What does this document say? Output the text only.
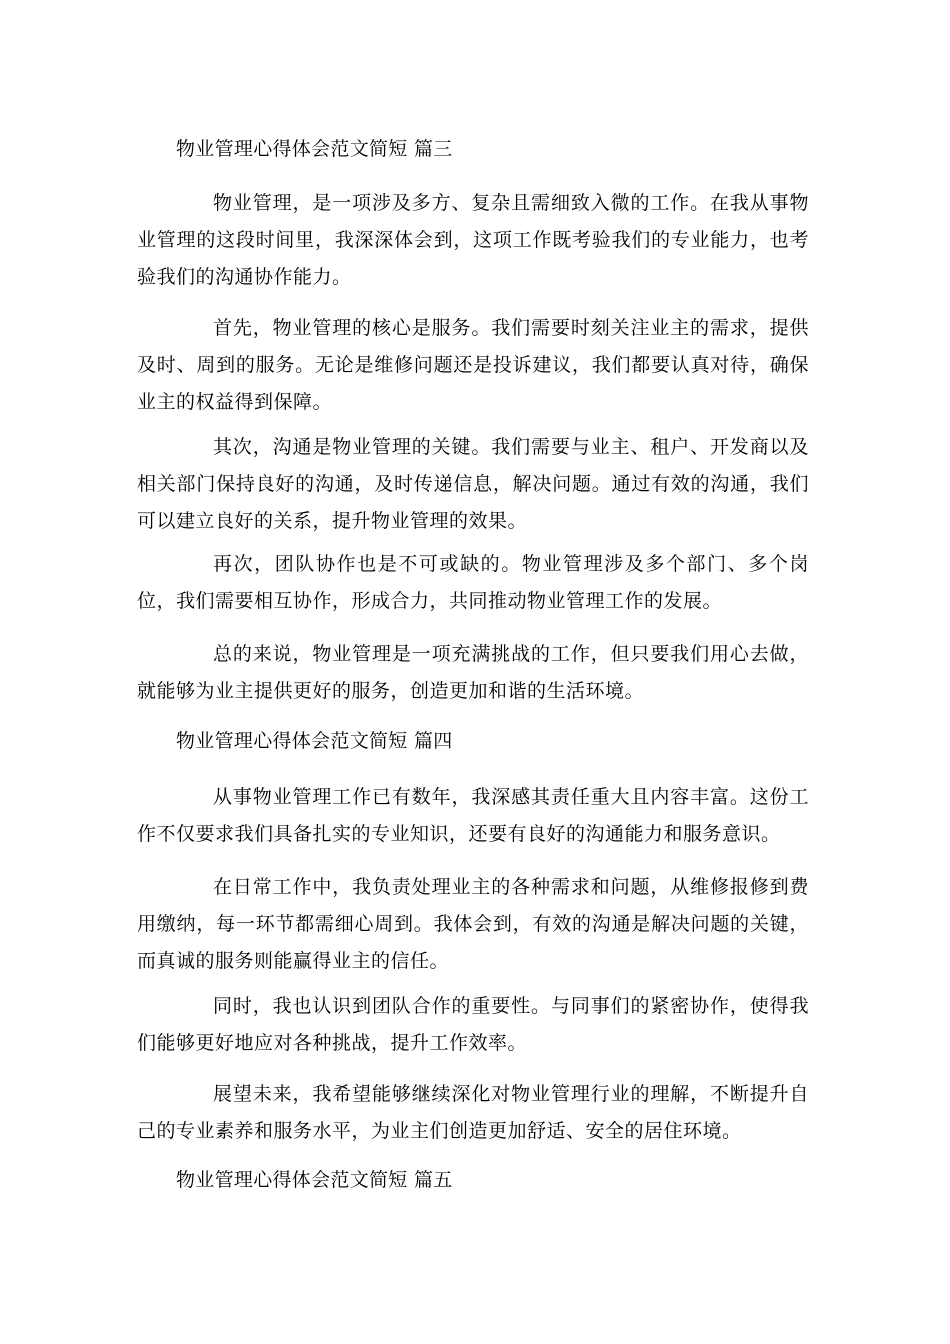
物业管理心得体会范文简短 篇三

物业管理，是一项涉及多方、复杂且需细致入微的工作。在我从事物业管理的这段时间里，我深深体会到，这项工作既考验我们的专业能力，也考验我们的沟通协作能力。

首先，物业管理的核心是服务。我们需要时刻关注业主的需求，提供及时、周到的服务。无论是维修问题还是投诉建议，我们都要认真对待，确保业主的权益得到保障。

其次，沟通是物业管理的关键。我们需要与业主、租户、开发商以及相关部门保持良好的沟通，及时传递信息，解决问题。通过有效的沟通，我们可以建立良好的关系，提升物业管理的效果。

再次，团队协作也是不可或缺的。物业管理涉及多个部门、多个岗位，我们需要相互协作，形成合力，共同推动物业管理工作的发展。

总的来说，物业管理是一项充满挑战的工作，但只要我们用心去做，就能够为业主提供更好的服务，创造更加和谐的生活环境。

物业管理心得体会范文简短 篇四

从事物业管理工作已有数年，我深感其责任重大且内容丰富。这份工作不仅要求我们具备扎实的专业知识，还要有良好的沟通能力和服务意识。

在日常工作中，我负责处理业主的各种需求和问题，从维修报修到费用缴纳，每一环节都需细心周到。我体会到，有效的沟通是解决问题的关键，而真诚的服务则能赢得业主的信任。

同时，我也认识到团队合作的重要性。与同事们的紧密协作，使得我们能够更好地应对各种挑战，提升工作效率。

展望未来，我希望能够继续深化对物业管理行业的理解，不断提升自己的专业素养和服务水平，为业主们创造更加舒适、安全的居住环境。

物业管理心得体会范文简短 篇五
